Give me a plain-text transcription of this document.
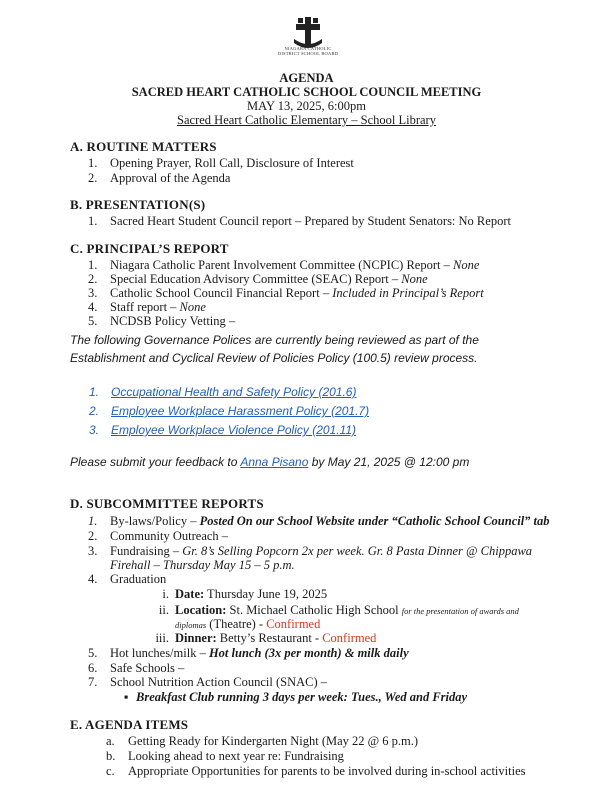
NIAGARA CATHOLIC
DISTRICT SCHOOL BOARD
AGENDA
SACRED HEART CATHOLIC SCHOOL COUNCIL MEETING
MAY 13, 2025, 6:00pm
Sacred Heart Catholic Elementary – School Library
A. ROUTINE MATTERS
1. Opening Prayer, Roll Call, Disclosure of Interest
2. Approval of the Agenda
B. PRESENTATION(S)
1. Sacred Heart Student Council report – Prepared by Student Senators: No Report
C. PRINCIPAL’S REPORT
1. Niagara Catholic Parent Involvement Committee (NCPIC) Report – None
2. Special Education Advisory Committee (SEAC) Report – None
3. Catholic School Council Financial Report – Included in Principal’s Report
4. Staff report – None
5. NCDSB Policy Vetting –
The following Governance Polices are currently being reviewed as part of the
Establishment and Cyclical Review of Policies Policy (100.5) review process.
1. Occupational Health and Safety Policy (201.6)
2. Employee Workplace Harassment Policy (201.7)
3. Employee Workplace Violence Policy (201.11)
Please submit your feedback to Anna Pisano by May 21, 2025 @ 12:00 pm
D. SUBCOMMITTEE REPORTS
1. By-laws/Policy – Posted On our School Website under “Catholic School Council” tab
2. Community Outreach –
3. Fundraising – Gr. 8’s Selling Popcorn 2x per week. Gr. 8 Pasta Dinner @ Chippawa
Firehall – Thursday May 15 – 5 p.m.
4. Graduation
i. Date: Thursday June 19, 2025
ii. Location: St. Michael Catholic High School for the presentation of awards and
diplomas (Theatre) - Confirmed
iii. Dinner: Betty’s Restaurant - Confirmed
5. Hot lunches/milk – Hot lunch (3x per month) & milk daily
6. Safe Schools –
7. School Nutrition Action Council (SNAC) –
▪ Breakfast Club running 3 days per week: Tues., Wed and Friday
E. AGENDA ITEMS
a. Getting Ready for Kindergarten Night (May 22 @ 6 p.m.)
b. Looking ahead to next year re: Fundraising
c. Appropriate Opportunities for parents to be involved during in-school activities
